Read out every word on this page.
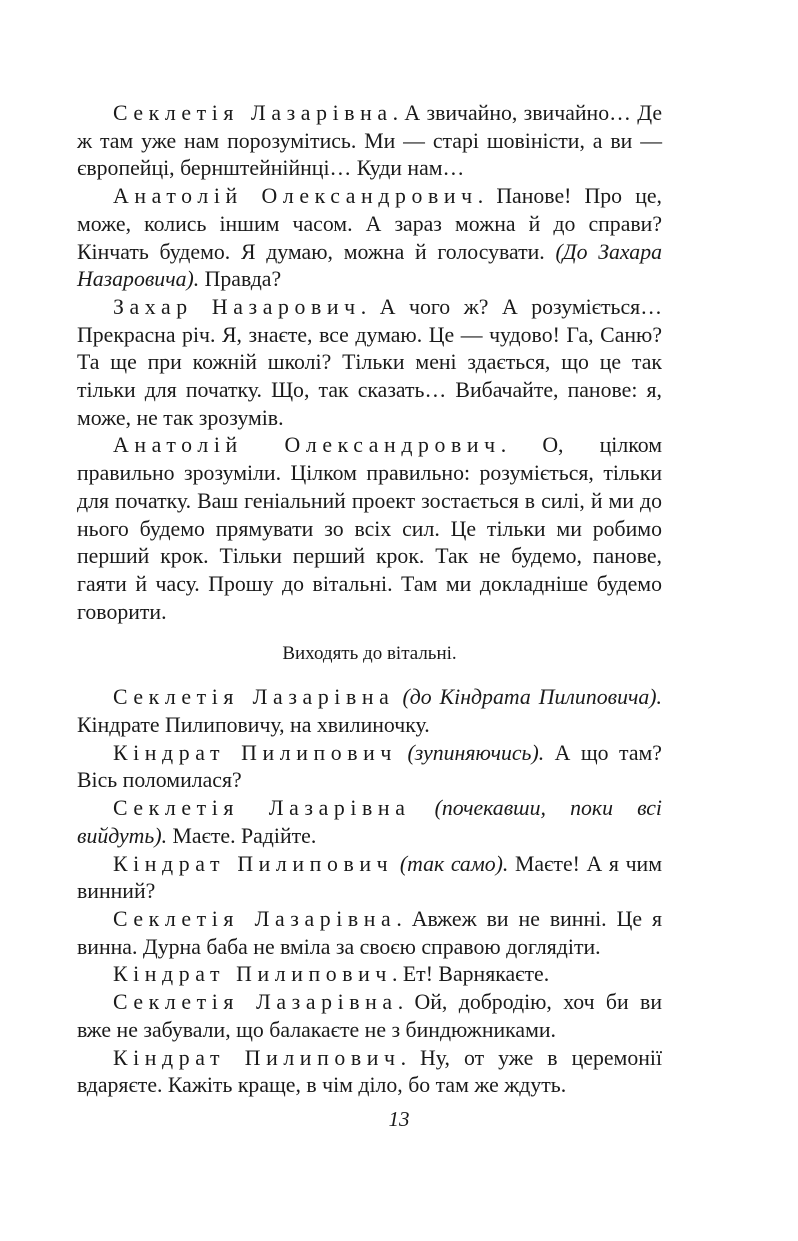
Секлетія Лазарівна. А звичайно, звичайно… Де ж там уже нам порозумітись. Ми — старі шовіністи, а ви — європейці, бернштейнійнці… Куди нам…

Анатолій Олександрович. Панове! Про це, може, колись іншим часом. А зараз можна й до справи? Кінчать будемо. Я думаю, можна й голосувати. (До Захара Назаровича). Правда?

Захар Назарович. А чого ж? А розуміється… Прекрасна річ. Я, знаєте, все думаю. Це — чудово! Га, Саню? Та ще при кожній школі? Тільки мені здається, що це так тільки для початку. Що, так сказать… Вибачайте, панове: я, може, не так зрозумів.

Анатолій Олександрович. О, цілком правильно зрозуміли. Цілком правильно: розуміється, тільки для початку. Ваш геніальний проект зостається в силі, й ми до нього будемо прямувати зо всіх сил. Це тільки ми робимо перший крок. Тільки перший крок. Так не будемо, панове, гаяти й часу. Прошу до вітальні. Там ми докладніше будемо говорити.

Виходять до вітальні.

Секлетія Лазарівна (до Кіндрата Пилиповича). Кіндрате Пилиповичу, на хвилиночку.

Кіндрат Пилипович (зупиняючись). А що там? Вісь поломилася?

Секлетія Лазарівна (почекавши, поки всі вийдуть). Маєте. Радійте.

Кіндрат Пилипович (так само). Маєте! А я чим винний?

Секлетія Лазарівна. Авжеж ви не винні. Це я винна. Дурна баба не вміла за своєю справою доглядіти.

Кіндрат Пилипович. Ет! Варнякаєте.

Секлетія Лазарівна. Ой, добродію, хоч би ви вже не забували, що балакаєте не з биндюжниками.

Кіндрат Пилипович. Ну, от уже в церемонії вдаряєте. Кажіть краще, в чім діло, бо там же ждуть.

13
